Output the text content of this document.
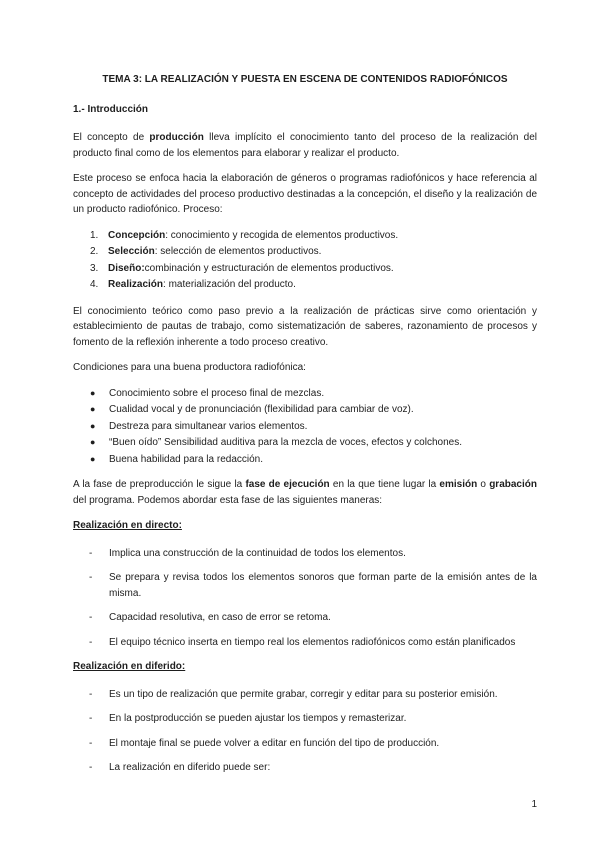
TEMA 3: LA REALIZACIÓN Y PUESTA EN ESCENA DE CONTENIDOS RADIOFÓNICOS
1.- Introducción

El concepto de producción lleva implícito el conocimiento tanto del proceso de la realización del producto final como de los elementos para elaborar y realizar el producto.

Este proceso se enfoca hacia la elaboración de géneros o programas radiofónicos y hace referencia al concepto de actividades del proceso productivo destinadas a la concepción, el diseño y la realización de un producto radiofónico. Proceso:

1. Concepción: conocimiento y recogida de elementos productivos.
2. Selección: selección de elementos productivos.
3. Diseño:combinación y estructuración de elementos productivos.
4. Realización: materialización del producto.

El conocimiento teórico como paso previo a la realización de prácticas sirve como orientación y establecimiento de pautas de trabajo, como sistematización de saberes, razonamiento de procesos y fomento de la reflexión inherente a todo proceso creativo.

Condiciones para una buena productora radiofónica:

●	Conocimiento sobre el proceso final de mezclas.
●	Cualidad vocal y de pronunciación (flexibilidad para cambiar de voz).
●	Destreza para simultanear varios elementos.
●	“Buen oído” Sensibilidad auditiva para la mezcla de voces, efectos y colchones.
●	Buena habilidad para la redacción.

A la fase de preproducción le sigue la fase de ejecución en la que tiene lugar la emisión o grabación del programa. Podemos abordar esta fase de las siguientes maneras:

Realización en directo:
-	Implica una construcción de la continuidad de todos los elementos.
-	Se prepara y revisa todos los elementos sonoros que forman parte de la emisión antes de la misma.
-	Capacidad resolutiva, en caso de error se retoma.
-	El equipo técnico inserta en tiempo real los elementos radiofónicos como están planificados
Realización en diferido:
-	Es un tipo de realización que permite grabar, corregir y editar para su posterior emisión.
-	En la postproducción se pueden ajustar los tiempos y remasterizar.
-	El montaje final se puede volver a editar en función del tipo de producción.
-	La realización en diferido puede ser:
1
